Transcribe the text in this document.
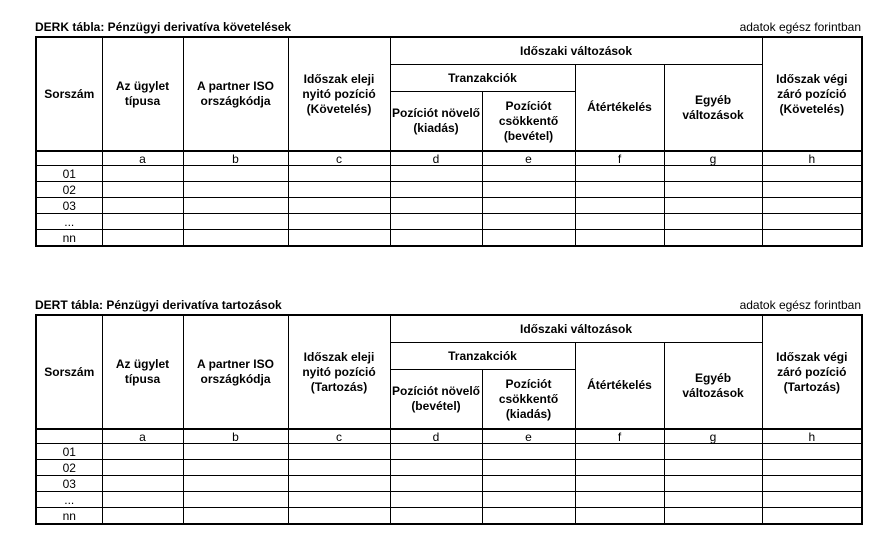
DERK tábla: Pénzügyi derivatíva követelések	adatok egész forintban
Sorszám	Az ügylet típusa	A partner ISO országkódja	Időszak eleji nyitó pozíció (Követelés)	Időszaki változások				Időszak végi záró pozíció (Követelés)
				Tranzakciók		Átértékelés	Egyéb változások	
				Pozíciót növelő (kiadás)	Pozíciót csökkentő (bevétel)			
	a	b	c	d	e	f	g	h
01								
02								
03								
...								
nn								
DERT tábla: Pénzügyi derivatíva tartozások	adatok egész forintban
Sorszám	Az ügylet típusa	A partner ISO országkódja	Időszak eleji nyitó pozíció (Tartozás)	Időszaki változások				Időszak végi záró pozíció (Tartozás)
				Tranzakciók		Átértékelés	Egyéb változások	
				Pozíciót növelő (bevétel)	Pozíciót csökkentő (kiadás)			
	a	b	c	d	e	f	g	h
01								
02								
03								
...								
nn								
